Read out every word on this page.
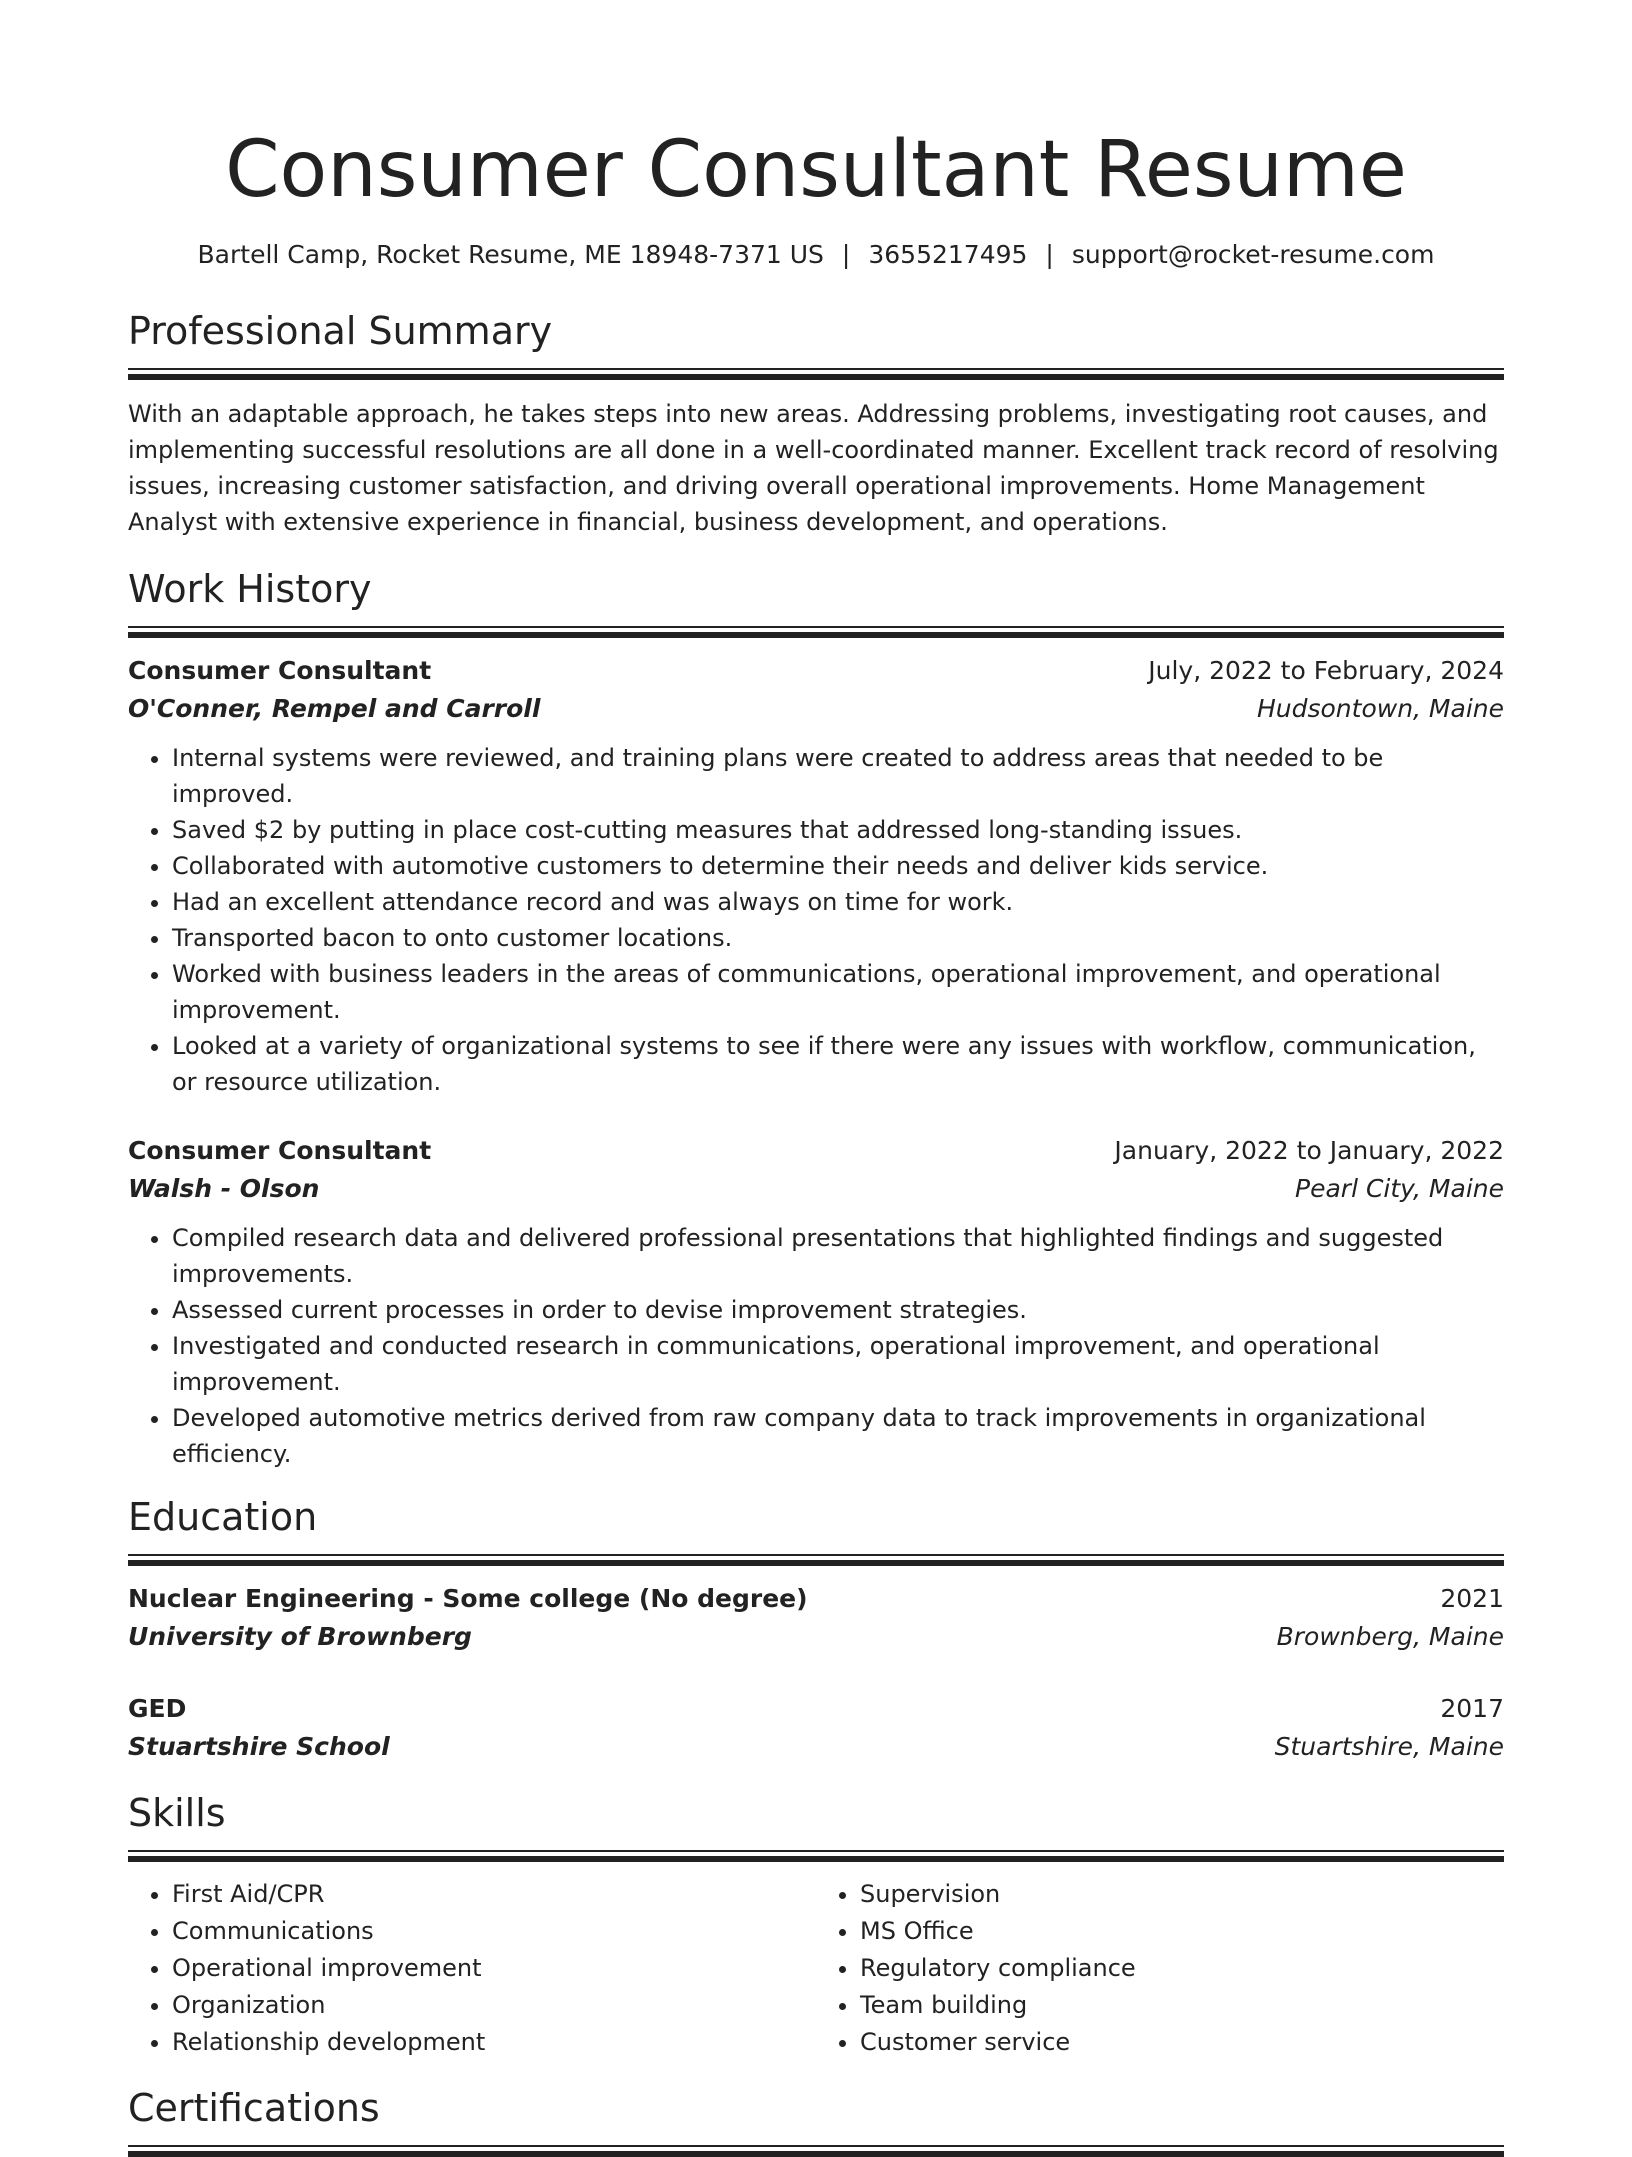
Consumer Consultant Resume
Bartell Camp, Rocket Resume, ME 18948-7371 US | 3655217495 | support@rocket-resume.com
Professional Summary
With an adaptable approach, he takes steps into new areas. Addressing problems, investigating root causes, and implementing successful resolutions are all done in a well-coordinated manner. Excellent track record of resolving issues, increasing customer satisfaction, and driving overall operational improvements. Home Management Analyst with extensive experience in financial, business development, and operations.
Work History
Consumer Consultant	July, 2022 to February, 2024
O'Conner, Rempel and Carroll	Hudsontown, Maine
• Internal systems were reviewed, and training plans were created to address areas that needed to be improved.
• Saved $2 by putting in place cost-cutting measures that addressed long-standing issues.
• Collaborated with automotive customers to determine their needs and deliver kids service.
• Had an excellent attendance record and was always on time for work.
• Transported bacon to onto customer locations.
• Worked with business leaders in the areas of communications, operational improvement, and operational improvement.
• Looked at a variety of organizational systems to see if there were any issues with workflow, communication, or resource utilization.
Consumer Consultant	January, 2022 to January, 2022
Walsh - Olson	Pearl City, Maine
• Compiled research data and delivered professional presentations that highlighted findings and suggested improvements.
• Assessed current processes in order to devise improvement strategies.
• Investigated and conducted research in communications, operational improvement, and operational improvement.
• Developed automotive metrics derived from raw company data to track improvements in organizational efficiency.
Education
Nuclear Engineering - Some college (No degree)	2021
University of Brownberg	Brownberg, Maine
GED	2017
Stuartshire School	Stuartshire, Maine
Skills
• First Aid/CPR
• Communications
• Operational improvement
• Organization
• Relationship development
• Supervision
• MS Office
• Regulatory compliance
• Team building
• Customer service
Certifications
